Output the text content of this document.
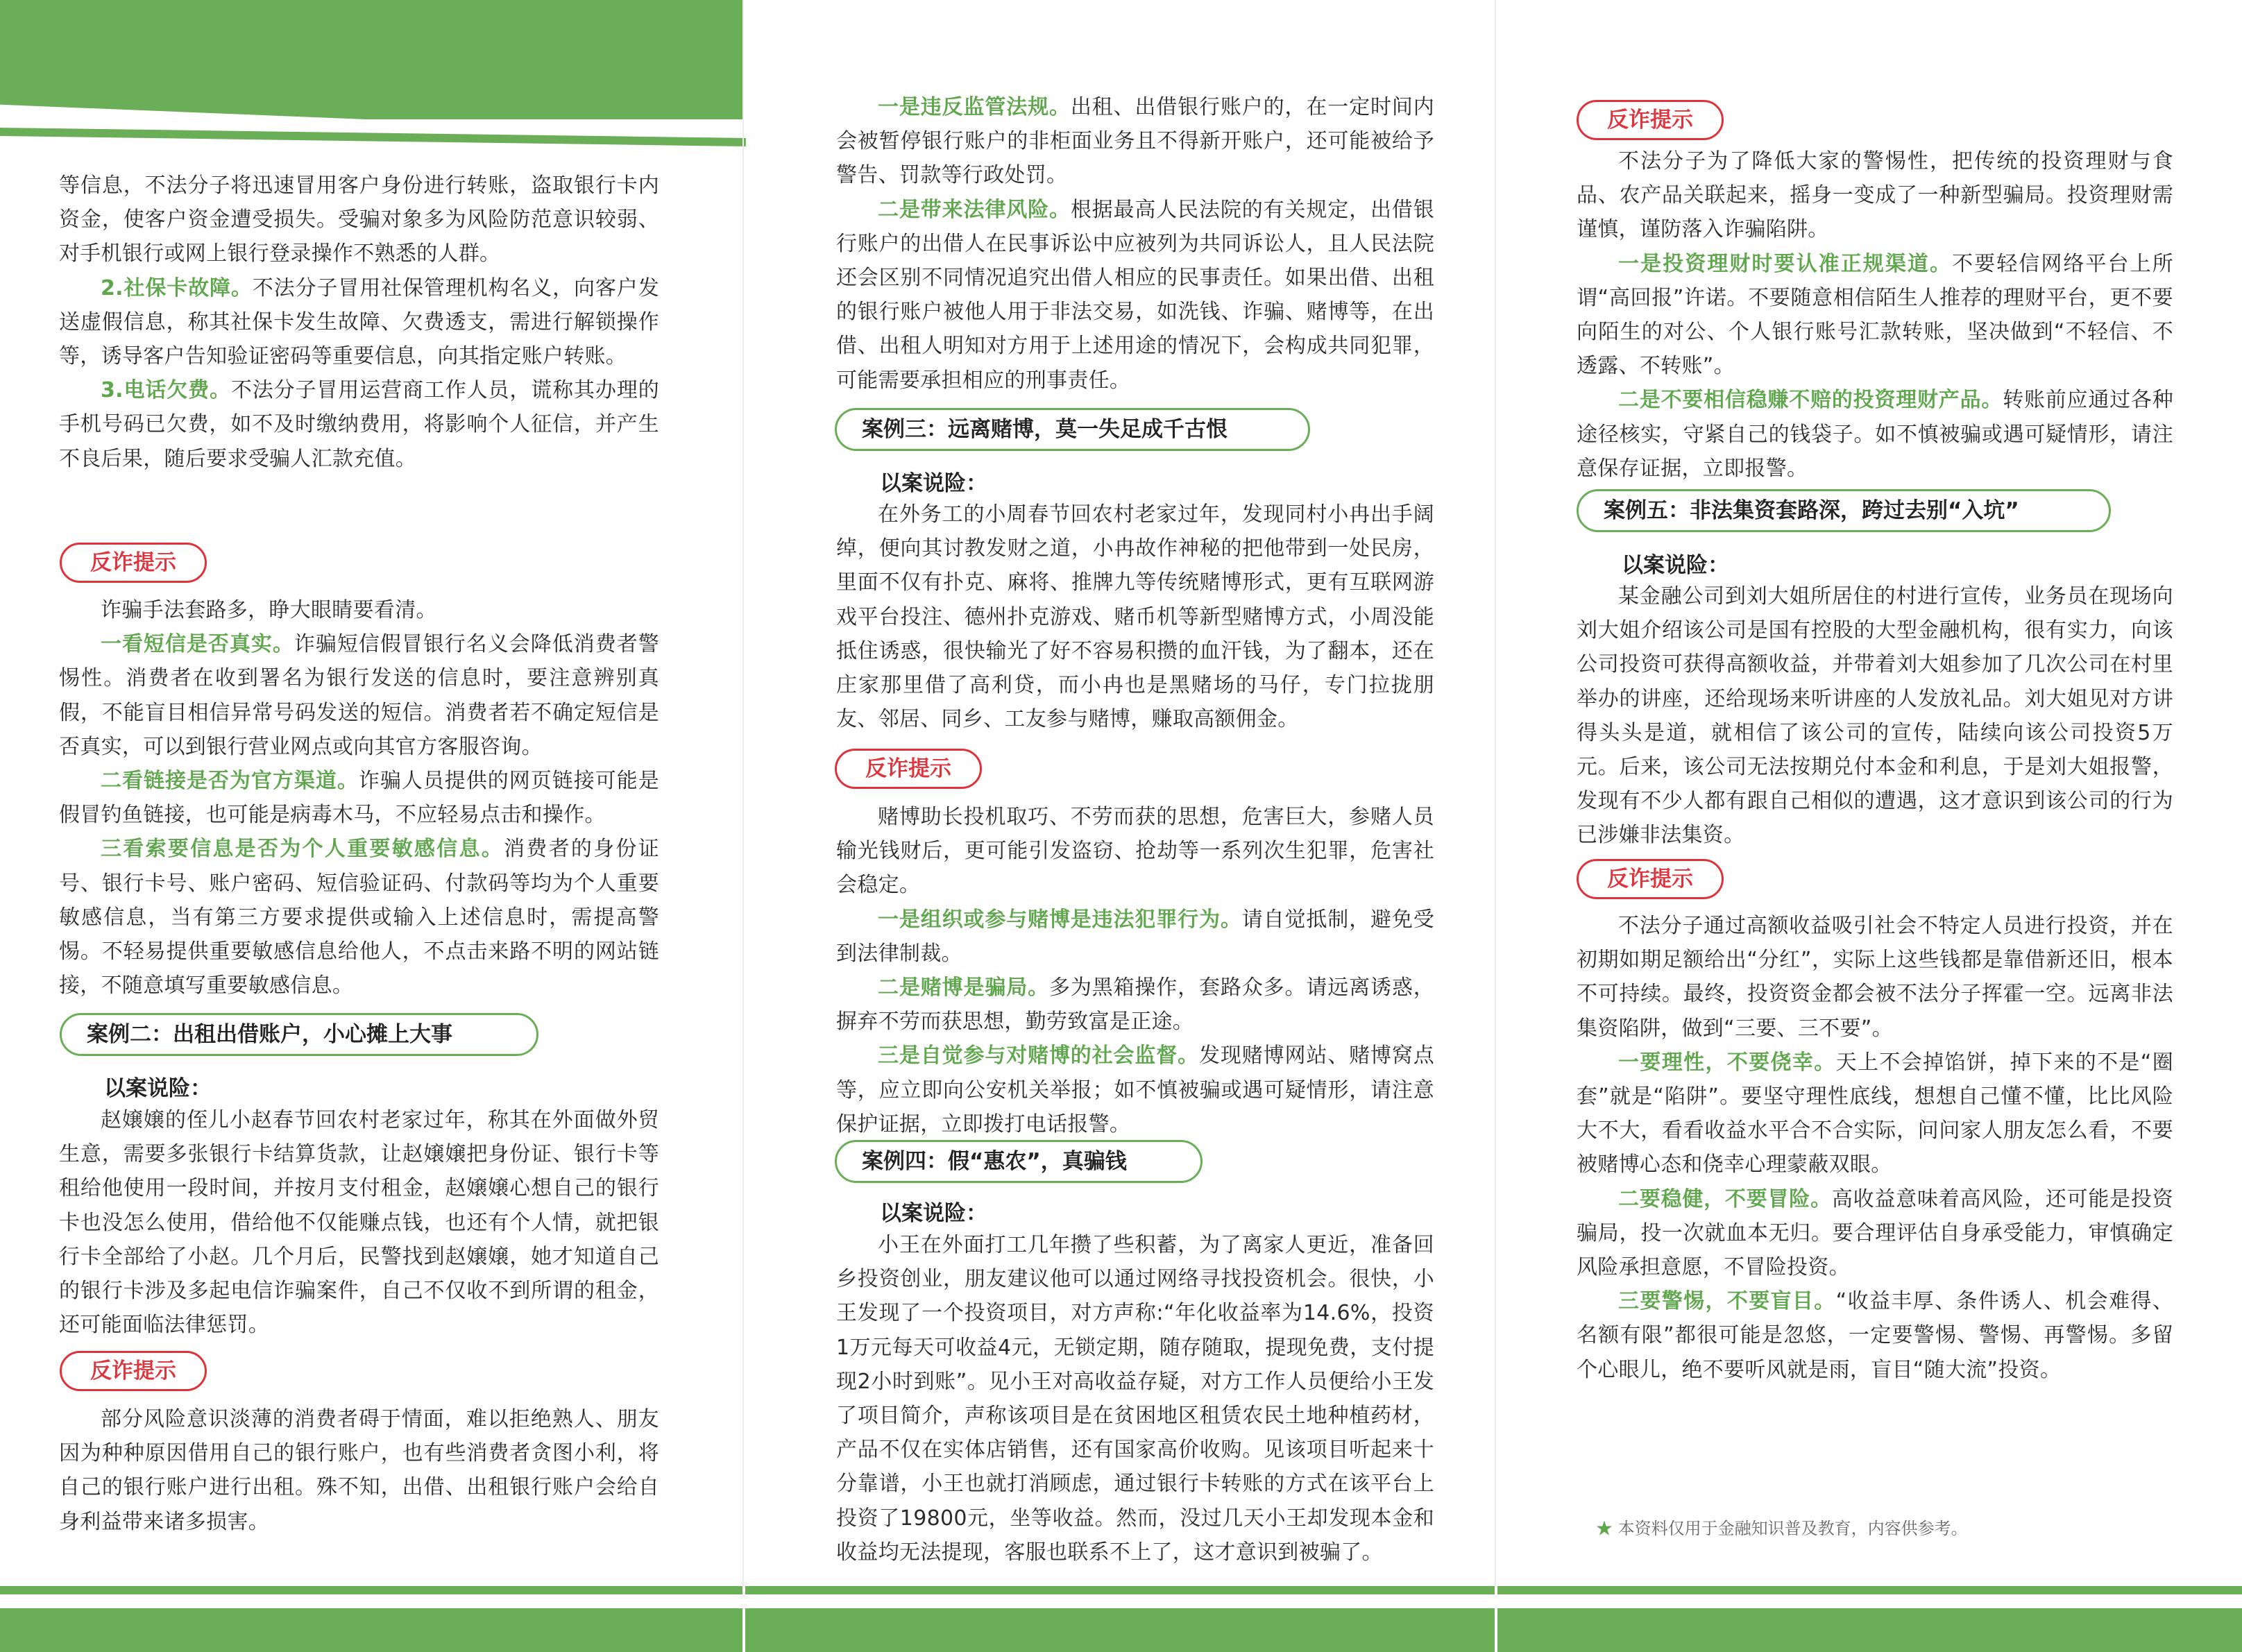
等信息，不法分子将迅速冒用客户身份进行转账，盗取银行卡内资金，使客户资金遭受损失。受骗对象多为风险防范意识较弱、对手机银行或网上银行登录操作不熟悉的人群。

2.社保卡故障。不法分子冒用社保管理机构名义，向客户发送虚假信息，称其社保卡发生故障、欠费透支，需进行解锁操作等，诱导客户告知验证密码等重要信息，向其指定账户转账。

3.电话欠费。不法分子冒用运营商工作人员，谎称其办理的手机号码已欠费，如不及时缴纳费用，将影响个人征信，并产生不良后果，随后要求受骗人汇款充值。

反诈提示

诈骗手法套路多，睁大眼睛要看清。

一看短信是否真实。诈骗短信假冒银行名义会降低消费者警惕性。消费者在收到署名为银行发送的信息时，要注意辨别真假，不能盲目相信异常号码发送的短信。消费者若不确定短信是否真实，可以到银行营业网点或向其官方客服咨询。

二看链接是否为官方渠道。诈骗人员提供的网页链接可能是假冒钓鱼链接，也可能是病毒木马，不应轻易点击和操作。

三看索要信息是否为个人重要敏感信息。消费者的身份证号、银行卡号、账户密码、短信验证码、付款码等均为个人重要敏感信息，当有第三方要求提供或输入上述信息时，需提高警惕。不轻易提供重要敏感信息给他人，不点击来路不明的网站链接，不随意填写重要敏感信息。

案例二：出租出借账户，小心摊上大事
以案说险：

赵嬢嬢的侄儿小赵春节回农村老家过年，称其在外面做外贸生意，需要多张银行卡结算货款，让赵嬢嬢把身份证、银行卡等租给他使用一段时间，并按月支付租金，赵嬢嬢心想自己的银行卡也没怎么使用，借给他不仅能赚点钱，也还有个人情，就把银行卡全部给了小赵。几个月后，民警找到赵嬢嬢，她才知道自己的银行卡涉及多起电信诈骗案件，自己不仅收不到所谓的租金，还可能面临法律惩罚。

反诈提示

部分风险意识淡薄的消费者碍于情面，难以拒绝熟人、朋友因为种种原因借用自己的银行账户，也有些消费者贪图小利，将自己的银行账户进行出租。殊不知，出借、出租银行账户会给自身利益带来诸多损害。

一是违反监管法规。出租、出借银行账户的，在一定时间内会被暂停银行账户的非柜面业务且不得新开账户，还可能被给予警告、罚款等行政处罚。

二是带来法律风险。根据最高人民法院的有关规定，出借银行账户的出借人在民事诉讼中应被列为共同诉讼人，且人民法院还会区别不同情况追究出借人相应的民事责任。如果出借、出租的银行账户被他人用于非法交易，如洗钱、诈骗、赌博等，在出借、出租人明知对方用于上述用途的情况下，会构成共同犯罪，可能需要承担相应的刑事责任。

案例三：远离赌博，莫一失足成千古恨
以案说险：

在外务工的小周春节回农村老家过年，发现同村小冉出手阔绰，便向其讨教发财之道，小冉故作神秘的把他带到一处民房，里面不仅有扑克、麻将、推牌九等传统赌博形式，更有互联网游戏平台投注、德州扑克游戏、赌币机等新型赌博方式，小周没能抵住诱惑，很快输光了好不容易积攒的血汗钱，为了翻本，还在庄家那里借了高利贷，而小冉也是黑赌场的马仔，专门拉拢朋友、邻居、同乡、工友参与赌博，赚取高额佣金。

反诈提示

赌博助长投机取巧、不劳而获的思想，危害巨大，参赌人员输光钱财后，更可能引发盗窃、抢劫等一系列次生犯罪，危害社会稳定。

一是组织或参与赌博是违法犯罪行为。请自觉抵制，避免受到法律制裁。

二是赌博是骗局。多为黑箱操作，套路众多。请远离诱惑，摒弃不劳而获思想，勤劳致富是正途。

三是自觉参与对赌博的社会监督。发现赌博网站、赌博窝点等，应立即向公安机关举报；如不慎被骗或遇可疑情形，请注意保护证据，立即拨打电话报警。

案例四：假“惠农”，真骗钱
以案说险：

小王在外面打工几年攒了些积蓄，为了离家人更近，准备回乡投资创业，朋友建议他可以通过网络寻找投资机会。很快，小王发现了一个投资项目，对方声称:“年化收益率为14.6%，投资1万元每天可收益4元，无锁定期，随存随取，提现免费，支付提现2小时到账”。见小王对高收益存疑，对方工作人员便给小王发了项目简介，声称该项目是在贫困地区租赁农民土地种植药材，产品不仅在实体店销售，还有国家高价收购。见该项目听起来十分靠谱，小王也就打消顾虑，通过银行卡转账的方式在该平台上投资了19800元，坐等收益。然而，没过几天小王却发现本金和收益均无法提现，客服也联系不上了，这才意识到被骗了。

反诈提示

不法分子为了降低大家的警惕性，把传统的投资理财与食品、农产品关联起来，摇身一变成了一种新型骗局。投资理财需谨慎，谨防落入诈骗陷阱。

一是投资理财时要认准正规渠道。不要轻信网络平台上所谓“高回报”许诺。不要随意相信陌生人推荐的理财平台，更不要向陌生的对公、个人银行账号汇款转账，坚决做到“不轻信、不透露、不转账”。

二是不要相信稳赚不赔的投资理财产品。转账前应通过各种途径核实，守紧自己的钱袋子。如不慎被骗或遇可疑情形，请注意保存证据，立即报警。

案例五：非法集资套路深，跨过去别“入坑”
以案说险：

某金融公司到刘大姐所居住的村进行宣传，业务员在现场向刘大姐介绍该公司是国有控股的大型金融机构，很有实力，向该公司投资可获得高额收益，并带着刘大姐参加了几次公司在村里举办的讲座，还给现场来听讲座的人发放礼品。刘大姐见对方讲得头头是道，就相信了该公司的宣传，陆续向该公司投资5万元。后来，该公司无法按期兑付本金和利息，于是刘大姐报警，发现有不少人都有跟自己相似的遭遇，这才意识到该公司的行为已涉嫌非法集资。

反诈提示

不法分子通过高额收益吸引社会不特定人员进行投资，并在初期如期足额给出“分红”，实际上这些钱都是靠借新还旧，根本不可持续。最终，投资资金都会被不法分子挥霍一空。远离非法集资陷阱，做到“三要、三不要”。

一要理性，不要侥幸。天上不会掉馅饼，掉下来的不是“圈套”就是“陷阱”。要坚守理性底线，想想自己懂不懂，比比风险大不大，看看收益水平合不合实际，问问家人朋友怎么看，不要被赌博心态和侥幸心理蒙蔽双眼。

二要稳健，不要冒险。高收益意味着高风险，还可能是投资骗局，投一次就血本无归。要合理评估自身承受能力，审慎确定风险承担意愿，不冒险投资。

三要警惕，不要盲目。“收益丰厚、条件诱人、机会难得、名额有限”都很可能是忽悠，一定要警惕、警惕、再警惕。多留个心眼儿，绝不要听风就是雨，盲目“随大流”投资。

★ 本资料仅用于金融知识普及教育，内容供参考。
